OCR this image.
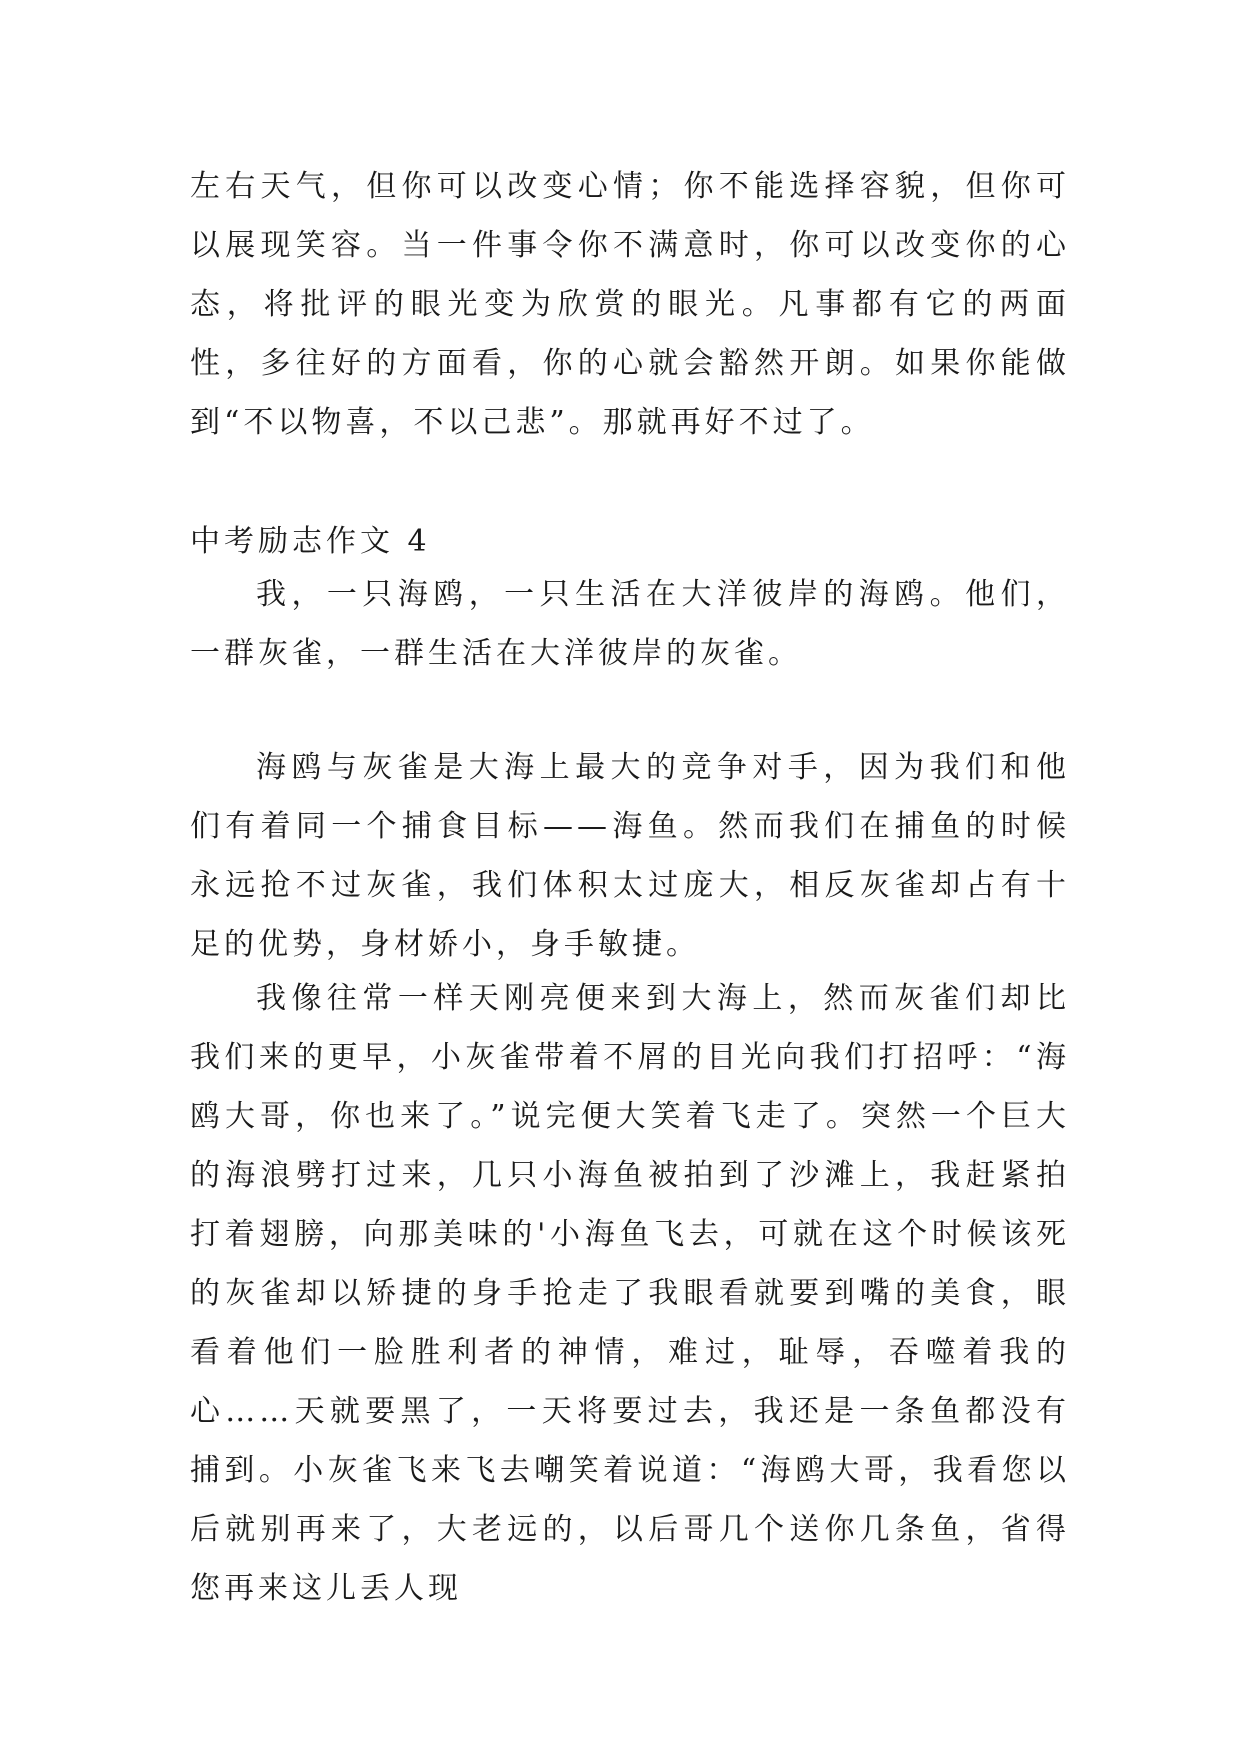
左右天气，但你可以改变心情；你不能选择容貌，但你可以展现笑容。当一件事令你不满意时，你可以改变你的心态，将批评的眼光变为欣赏的眼光。凡事都有它的两面性，多往好的方面看，你的心就会豁然开朗。如果你能做到“不以物喜，不以己悲”。那就再好不过了。

中考励志作文 4

我，一只海鸥，一只生活在大洋彼岸的海鸥。他们，一群灰雀，一群生活在大洋彼岸的灰雀。

海鸥与灰雀是大海上最大的竞争对手，因为我们和他们有着同一个捕食目标——海鱼。然而我们在捕鱼的时候永远抢不过灰雀，我们体积太过庞大，相反灰雀却占有十足的优势，身材娇小，身手敏捷。

我像往常一样天刚亮便来到大海上，然而灰雀们却比我们来的更早，小灰雀带着不屑的目光向我们打招呼：“海鸥大哥，你也来了。”说完便大笑着飞走了。突然一个巨大的海浪劈打过来，几只小海鱼被拍到了沙滩上，我赶紧拍打着翅膀，向那美味的'小海鱼飞去，可就在这个时候该死的灰雀却以矫捷的身手抢走了我眼看就要到嘴的美食，眼看着他们一脸胜利者的神情，难过，耻辱，吞噬着我的心……天就要黑了，一天将要过去，我还是一条鱼都没有捕到。小灰雀飞来飞去嘲笑着说道：“海鸥大哥，我看您以后就别再来了，大老远的，以后哥几个送你几条鱼，省得您再来这儿丢人现
